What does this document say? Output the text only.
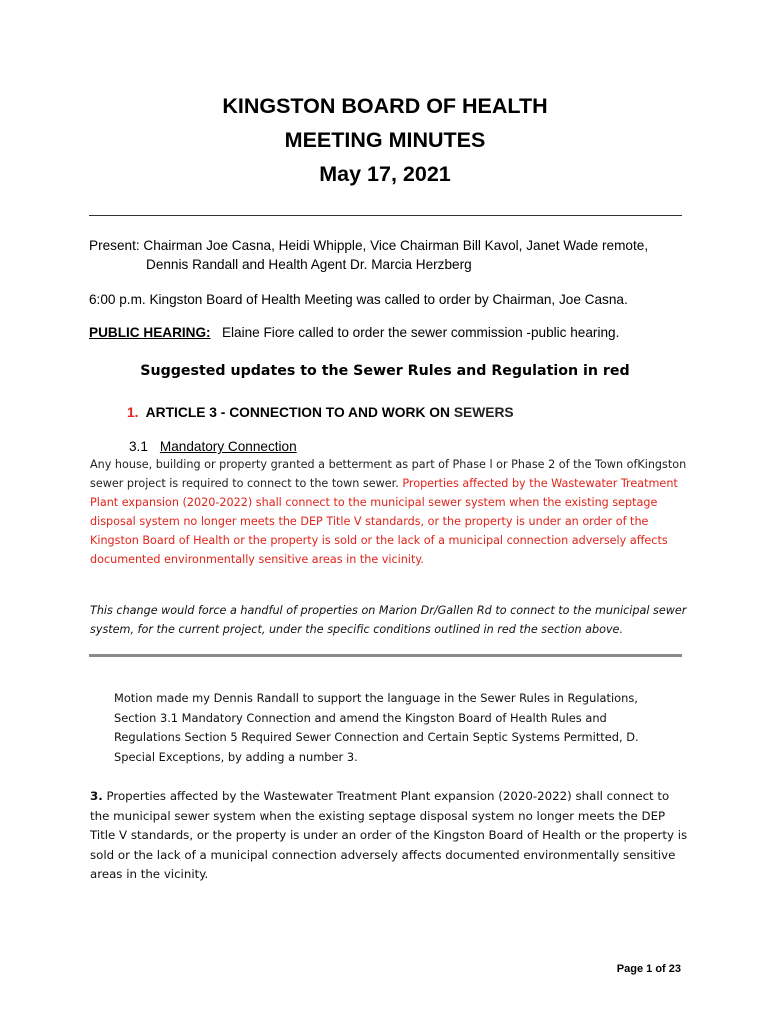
KINGSTON BOARD OF HEALTH
MEETING MINUTES
May 17, 2021
Present: Chairman Joe Casna, Heidi Whipple, Vice Chairman Bill Kavol, Janet Wade remote,
Dennis Randall and Health Agent Dr. Marcia Herzberg
6:00 p.m. Kingston Board of Health Meeting was called to order by Chairman, Joe Casna.
PUBLIC HEARING: Elaine Fiore called to order the sewer commission -public hearing.
Suggested updates to the Sewer Rules and Regulation in red
1. ARTICLE 3 - CONNECTION TO AND WORK ON SEWERS
3.1 Mandatory Connection
Any house, building or property granted a betterment as part of Phase l or Phase 2 of the Town ofKingston sewer project is required to connect to the town sewer. Properties affected by the Wastewater Treatment Plant expansion (2020-2022) shall connect to the municipal sewer system when the existing septage disposal system no longer meets the DEP Title V standards, or the property is under an order of the Kingston Board of Health or the property is sold or the lack of a municipal connection adversely affects documented environmentally sensitive areas in the vicinity.
This change would force a handful of properties on Marion Dr/Gallen Rd to connect to the municipal sewer system, for the current project, under the specific conditions outlined in red the section above.
Motion made my Dennis Randall to support the language in the Sewer Rules in Regulations, Section 3.1 Mandatory Connection and amend the Kingston Board of Health Rules and Regulations Section 5 Required Sewer Connection and Certain Septic Systems Permitted, D. Special Exceptions, by adding a number 3.
3. Properties affected by the Wastewater Treatment Plant expansion (2020-2022) shall connect to the municipal sewer system when the existing septage disposal system no longer meets the DEP Title V standards, or the property is under an order of the Kingston Board of Health or the property is sold or the lack of a municipal connection adversely affects documented environmentally sensitive areas in the vicinity.
Page 1 of 23
